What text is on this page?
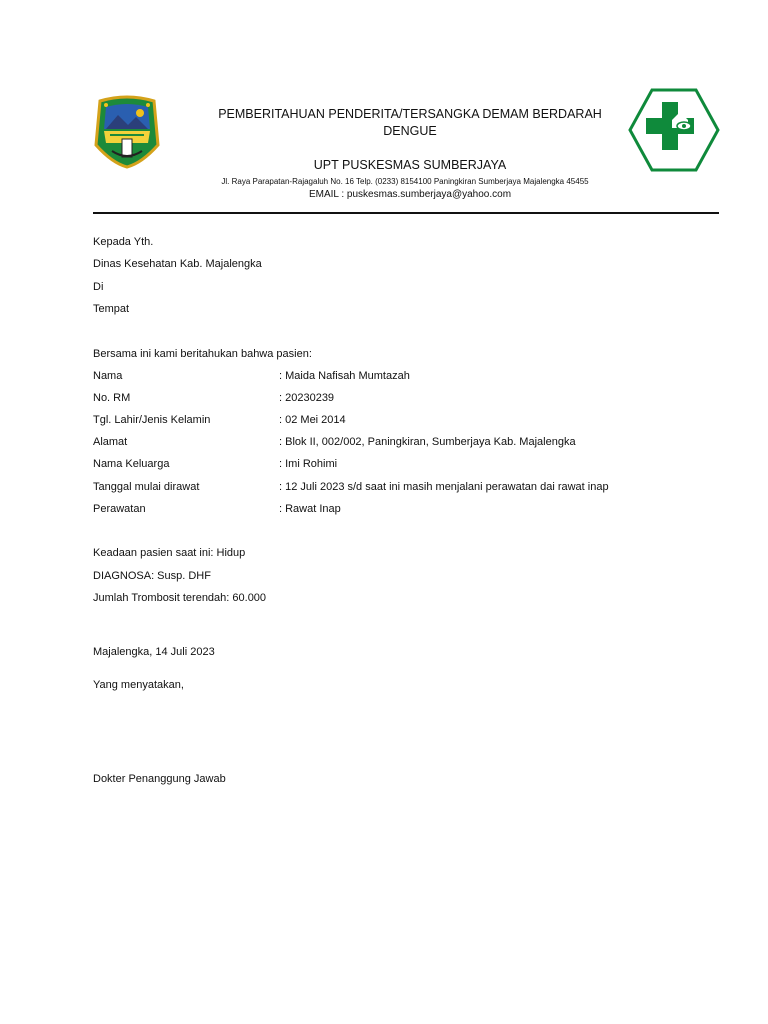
PEMBERITAHUAN PENDERITA/TERSANGKA DEMAM BERDARAH DENGUE
UPT PUSKESMAS SUMBERJAYA
Jl. Raya Parapatan-Rajagaluh No. 16 Telp. (0233) 8154100 Paningkiran Sumberjaya Majalengka 45455
EMAIL : puskesmas.sumberjaya@yahoo.com
Kepada Yth.
Dinas Kesehatan Kab. Majalengka
Di
Tempat
Bersama ini kami beritahukan bahwa pasien:
Nama	: Maida Nafisah Mumtazah
No. RM	: 20230239
Tgl. Lahir/Jenis Kelamin	: 02 Mei 2014
Alamat	: Blok II, 002/002, Paningkiran, Sumberjaya Kab. Majalengka
Nama Keluarga	: Imi Rohimi
Tanggal mulai dirawat	: 12 Juli 2023 s/d saat ini masih menjalani perawatan dai rawat inap
Perawatan	: Rawat Inap
Keadaan pasien saat ini: Hidup
DIAGNOSA: Susp. DHF
Jumlah Trombosit terendah: 60.000
Majalengka, 14 Juli 2023
Yang menyatakan,
Dokter Penanggung Jawab
